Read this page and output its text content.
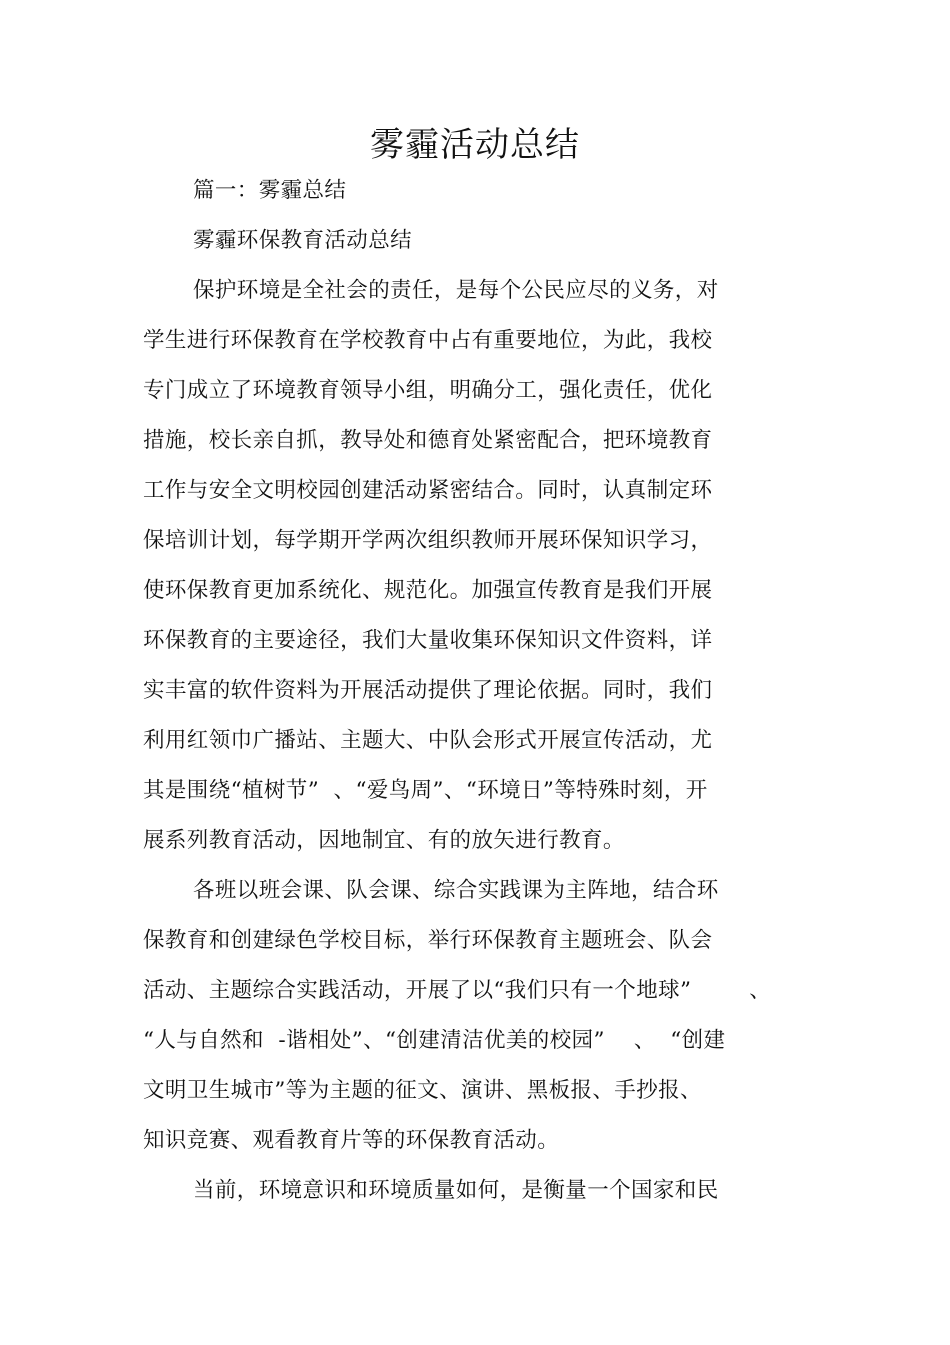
雾霾活动总结
篇一：雾霾总结
雾霾环保教育活动总结
保护环境是全社会的责任，是每个公民应尽的义务，对
学生进行环保教育在学校教育中占有重要地位，为此，我校
专门成立了环境教育领导小组，明确分工，强化责任，优化
措施，校长亲自抓，教导处和德育处紧密配合，把环境教育
工作与安全文明校园创建活动紧密结合。同时，认真制定环
保培训计划，每学期开学两次组织教师开展环保知识学习，
使环保教育更加系统化、规范化。加强宣传教育是我们开展
环保教育的主要途径，我们大量收集环保知识文件资料，详
实丰富的软件资料为开展活动提供了理论依据。同时，我们
利用红领巾广播站、主题大、中队会形式开展宣传活动，尤
其是围绕“植树节”  、“爱鸟周”、“环境日”等特殊时刻，开
展系列教育活动，因地制宜、有的放矢进行教育。
各班以班会课、队会课、综合实践课为主阵地，结合环
保教育和创建绿色学校目标，举行环保教育主题班会、队会
活动、主题综合实践活动，开展了以“我们只有一个地球”        、
“人与自然和  -谐相处”、“创建清洁优美的校园”    、  “创建
文明卫生城市”等为主题的征文、演讲、黑板报、手抄报、
知识竞赛、观看教育片等的环保教育活动。
当前，环境意识和环境质量如何，是衡量一个国家和民
